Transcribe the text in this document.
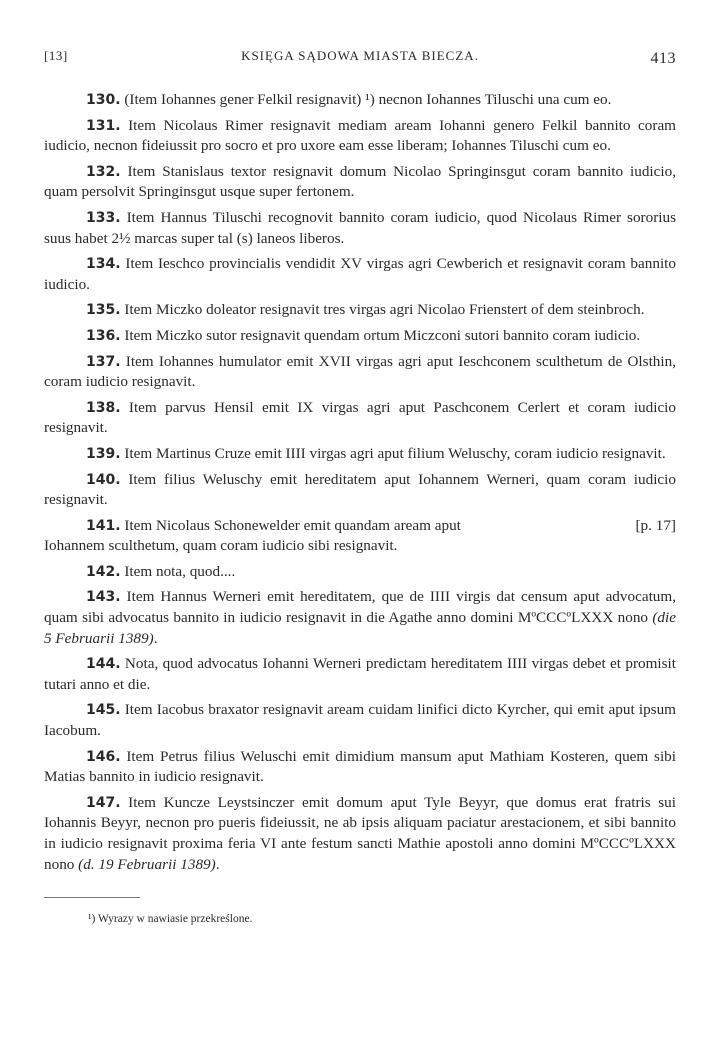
[13]	KSIĘGA SĄDOWA MIASTA BIECZA.	413

130. (Item Iohannes gener Felkil resignavit) ¹) necnon Iohannes Tiluschi una cum eo.

131. Item Nicolaus Rimer resignavit mediam aream Iohanni genero Felkil bannito coram iudicio, necnon fideiussit pro socro et pro uxore eam esse liberam; Iohannes Tiluschi cum eo.

132. Item Stanislaus textor resignavit domum Nicolao Springinsgut coram bannito iudicio, quam persolvit Springinsgut usque super fertonem.

133. Item Hannus Tiluschi recognovit bannito coram iudicio, quod Nicolaus Rimer sororius suus habet 2½ marcas super tal (s) laneos liberos.

134. Item Ieschco provincialis vendidit XV virgas agri Cewberich et resignavit coram bannito iudicio.

135. Item Miczko doleator resignavit tres virgas agri Nicolao Frienstert of dem steinbroch.

136. Item Miczko sutor resignavit quendam ortum Miczconi sutori bannito coram iudicio.

137. Item Iohannes humulator emit XVII virgas agri aput Ieschconem sculthetum de Olsthin, coram iudicio resignavit.

138. Item parvus Hensil emit IX virgas agri aput Paschconem Cerlert et coram iudicio resignavit.

139. Item Martinus Cruze emit IIII virgas agri aput filium Weluschy, coram iudicio resignavit.

140. Item filius Weluschy emit hereditatem aput Iohannem Werneri, quam coram iudicio resignavit.

141. Item Nicolaus Schonewelder emit quandam aream aput	[p. 17]

Iohannem sculthetum, quam coram iudicio sibi resignavit.

142. Item nota, quod....

143. Item Hannus Werneri emit hereditatem, que de IIII virgis dat censum aput advocatum, quam sibi advocatus bannito in iudicio resignavit in die Agathe anno domini MºCCCºLXXX nono (die 5 Februarii 1389).

144. Nota, quod advocatus Iohanni Werneri predictam hereditatem IIII virgas debet et promisit tutari anno et die.

145. Item Iacobus braxator resignavit aream cuidam linifici dicto Kyrcher, qui emit aput ipsum Iacobum.

146. Item Petrus filius Weluschi emit dimidium mansum aput Mathiam Kosteren, quem sibi Matias bannito in iudicio resignavit.

147. Item Kuncze Leystsinczer emit domum aput Tyle Beyyr, que domus erat fratris sui Iohannis Beyyr, necnon pro pueris fideiussit, ne ab ipsis aliquam paciatur arestacionem, et sibi bannito in iudicio resignavit proxima feria VI ante festum sancti Mathie apostoli anno domini MºCCCºLXXX nono (d. 19 Februarii 1389).

¹) Wyrazy w nawiasie przekreślone.
